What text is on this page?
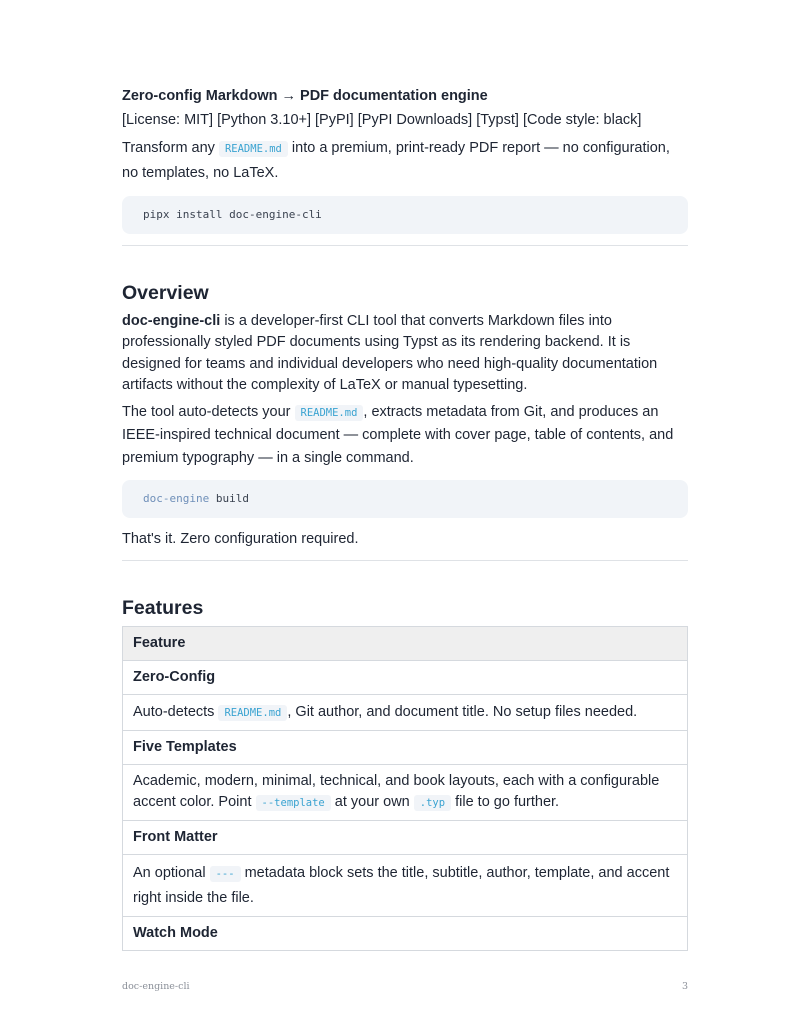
Zero-config Markdown → PDF documentation engine

[License: MIT] [Python 3.10+] [PyPI] [PyPI Downloads] [Typst] [Code style: black]

Transform any README.md into a premium, print-ready PDF report — no configuration, no templates, no LaTeX.

pipx install doc-engine-cli
Overview

doc-engine-cli is a developer-first CLI tool that converts Markdown files into professionally styled PDF documents using Typst as its rendering backend. It is designed for teams and individual developers who need high-quality documentation artifacts without the complexity of LaTeX or manual typesetting.

The tool auto-detects your README.md , extracts metadata from Git, and produces an IEEE-inspired technical document — complete with cover page, table of contents, and premium typography — in a single command.

doc-engine build

That's it. Zero configuration required.

Features
Feature
Zero-Config
Auto-detects README.md , Git author, and document title. No setup files needed.
Five Templates
Academic, modern, minimal, technical, and book layouts, each with a configurable accent color. Point --template at your own .typ file to go further.
Front Matter
An optional --- metadata block sets the title, subtitle, author, template, and accent right inside the file.
Watch Mode
doc-engine-cli	3
